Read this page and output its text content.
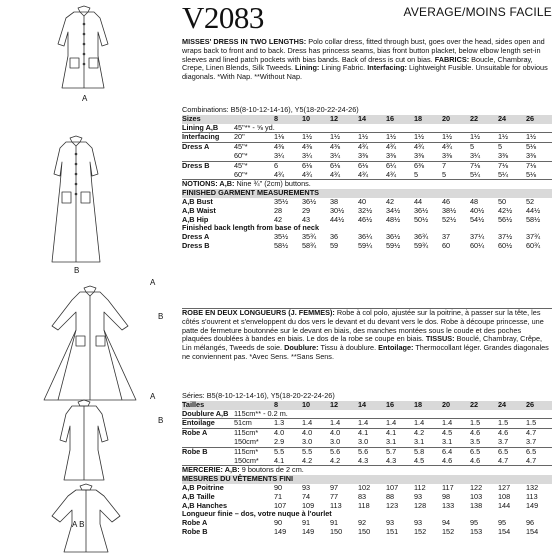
A
B
A
B
A
B
A B
V2083	AVERAGE/MOINS FACILE
MISSES' DRESS IN TWO LENGTHS: Polo collar dress, fitted through bust, goes over the head, sides open and wraps back to front and to back. Dress has princess seams, bias front button placket, below elbow length set-in sleeves and lined patch pockets with bias bands. Back of dress is cut on bias. FABRICS: Boucle, Chambray, Crepe, Linen Blends, Silk Tweeds. Lining: Lining Fabric. Interfacing: Lightweight Fusible. Unsuitable for obvious diagonals. *With Nap. **Without Nap.
Combinations: B5(8-10-12-14-16), Y5(18-20-22-24-26)
Sizes		8	10	12	14	16	18	20	22	24	26
Lining A,B	45"** - ⅝ yd.										
Interfacing	20"	1⅛	1½	1½	1½	1½	1½	1½	1½	1½	1½
Dress A	45"*	4⅜	4⅜	4⅜	4¾	4¾	4¾	4¾	5	5	5⅛
	60"*	3¼	3¼	3¼	3⅜	3⅜	3⅜	3⅜	3¼	3⅜	3⅜
Dress B	45"*	6	6⅛	6⅛	6⅛	6¼	6⅜	7	7⅛	7⅛	7⅛
	60"*	4¾	4¾	4¾	4¾	4¾	5	5	5¼	5¼	5⅛
NOTIONS: A,B: Nine ¾" (2cm) buttons.
FINISHED GARMENT MEASUREMENTS
A,B Bust	35½	36½	38	40	42	44	46	48	50	52
A,B Waist	28	29	30½	32½	34½	36½	38½	40½	42½	44½
A,B Hip	42	43	44½	46½	48½	50½	52½	54½	56½	58½
Finished back length from base of neck
Dress A	35½	35¾	36	36¼	36½	36¾	37	37¼	37½	37¾
Dress B	58½	58¾	59	59¼	59½	59¾	60	60¼	60½	60¾
ROBE EN DEUX LONGUEURS (J. FEMMES): Robe à col polo, ajustée sur la poitrine, à passer sur la tête, les côtés s'ouvrent et s'enveloppent du dos vers le devant et du devant vers le dos. Robe à découpe princesse, une patte de fermeture boutonnée sur le devant en biais, des manches montées sous le coude et des poches plaquées doublées à bandes en biais. Le dos de la robe se coupe en biais. TISSUS: Bouclé, Chambray, Crêpe, Lin mélangés, Tweeds de soie. Doublure: Tissu à doublure. Entoilage: Thermocollant léger. Grandes diagonales ne conviennent pas. *Avec Sens. **Sans Sens.
Séries: B5(8-10-12-14-16), Y5(18-20-22-24-26)
Tailles		8	10	12	14	16	18	20	22	24	26
Doublure A,B	115cm** - 0.2 m.										
Entoilage	51cm	1.3	1.4	1.4	1.4	1.4	1.4	1.4	1.5	1.5	1.5
Robe A	115cm*	4.0	4.0	4.0	4.1	4.1	4.2	4.5	4.6	4.6	4.7
	150cm*	2.9	3.0	3.0	3.0	3.1	3.1	3.1	3.5	3.7	3.7
Robe B	115cm*	5.5	5.5	5.6	5.6	5.7	5.8	6.4	6.5	6.5	6.5
	150cm*	4.1	4.2	4.2	4.3	4.3	4.5	4.6	4.6	4.7	4.7
MERCERIE: A,B: 9 boutons de 2 cm.
MESURES DU VÊTEMENTS FINI
A,B Poitrine	90	93	97	102	107	112	117	122	127	132
A,B Taille	71	74	77	83	88	93	98	103	108	113
A,B Hanches	107	109	113	118	123	128	133	138	144	149
Longueur finie – dos, votre nuque à l'ourlet
Robe A	90	91	91	92	93	93	94	95	95	96
Robe B	149	149	150	150	151	152	152	153	154	154
